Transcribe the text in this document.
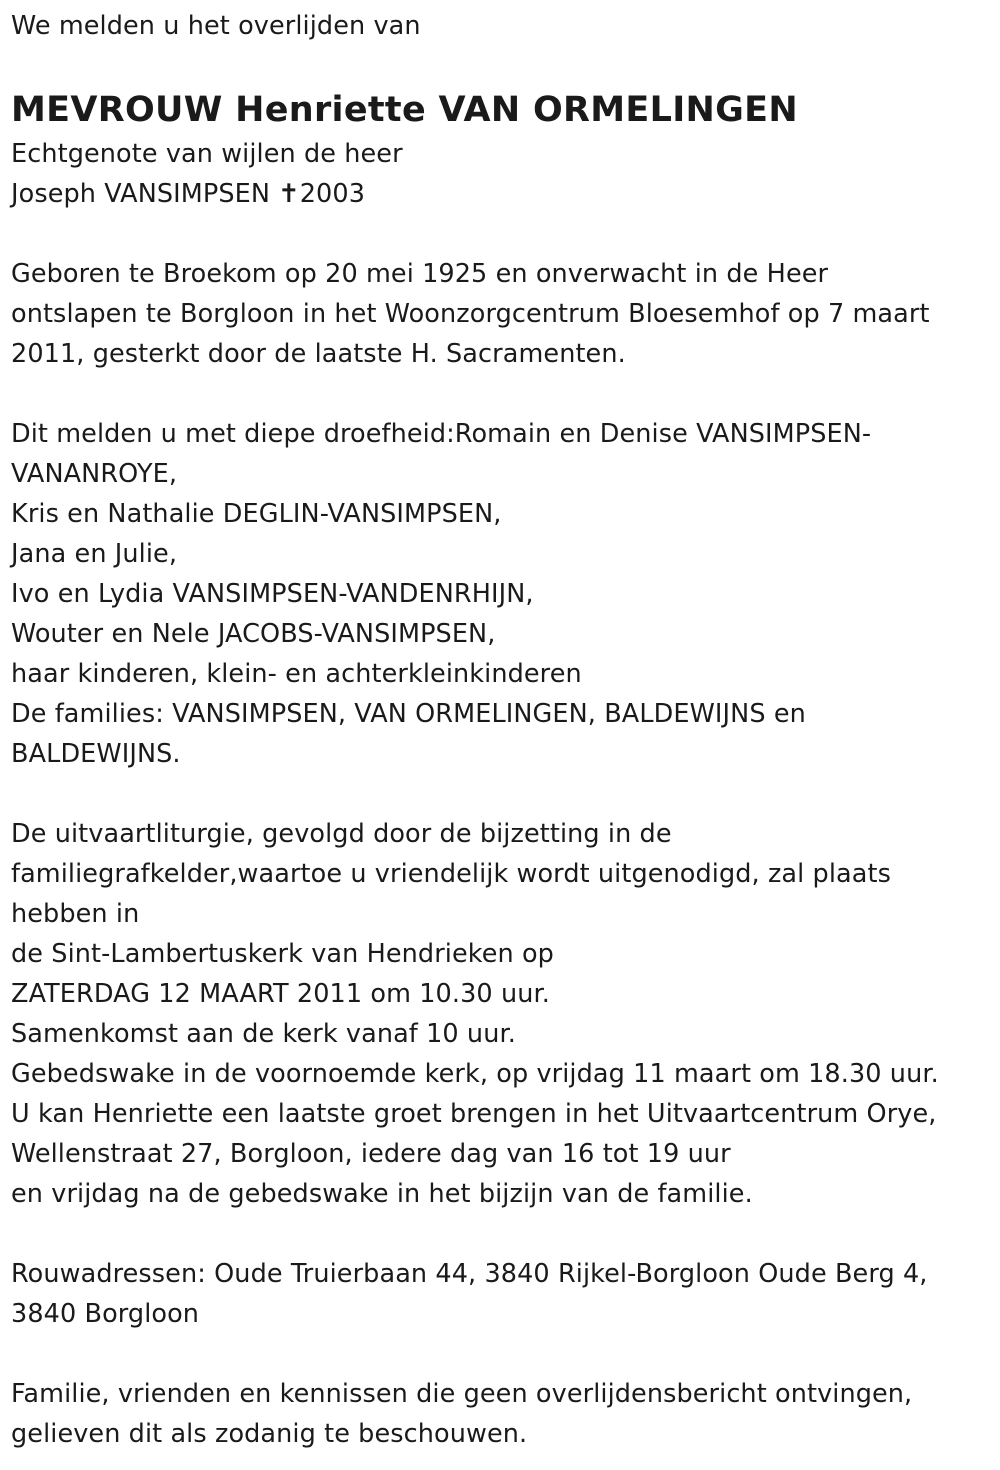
We melden u het overlijden van
MEVROUW Henriette VAN ORMELINGEN
Echtgenote van wijlen de heer
Joseph VANSIMPSEN ✝2003
Geboren te Broekom op 20 mei 1925 en onverwacht in de Heer
ontslapen te Borgloon in het Woonzorgcentrum Bloesemhof op 7 maart
2011, gesterkt door de laatste H. Sacramenten.
Dit melden u met diepe droefheid:Romain en Denise VANSIMPSEN-
VANANROYE,
Kris en Nathalie DEGLIN-VANSIMPSEN,
Jana en Julie,
Ivo en Lydia VANSIMPSEN-VANDENRHIJN,
Wouter en Nele JACOBS-VANSIMPSEN,
haar kinderen, klein- en achterkleinkinderen
De families: VANSIMPSEN, VAN ORMELINGEN, BALDEWIJNS en
BALDEWIJNS.
De uitvaartliturgie, gevolgd door de bijzetting in de
familiegrafkelder,waartoe u vriendelijk wordt uitgenodigd, zal plaats
hebben in
de Sint-Lambertuskerk van Hendrieken op
ZATERDAG 12 MAART 2011 om 10.30 uur.
Samenkomst aan de kerk vanaf 10 uur.
Gebedswake in de voornoemde kerk, op vrijdag 11 maart om 18.30 uur.
U kan Henriette een laatste groet brengen in het Uitvaartcentrum Orye,
Wellenstraat 27, Borgloon, iedere dag van 16 tot 19 uur
en vrijdag na de gebedswake in het bijzijn van de familie.
Rouwadressen: Oude Truierbaan 44, 3840 Rijkel-Borgloon Oude Berg 4,
3840 Borgloon
Familie, vrienden en kennissen die geen overlijdensbericht ontvingen,
gelieven dit als zodanig te beschouwen.
